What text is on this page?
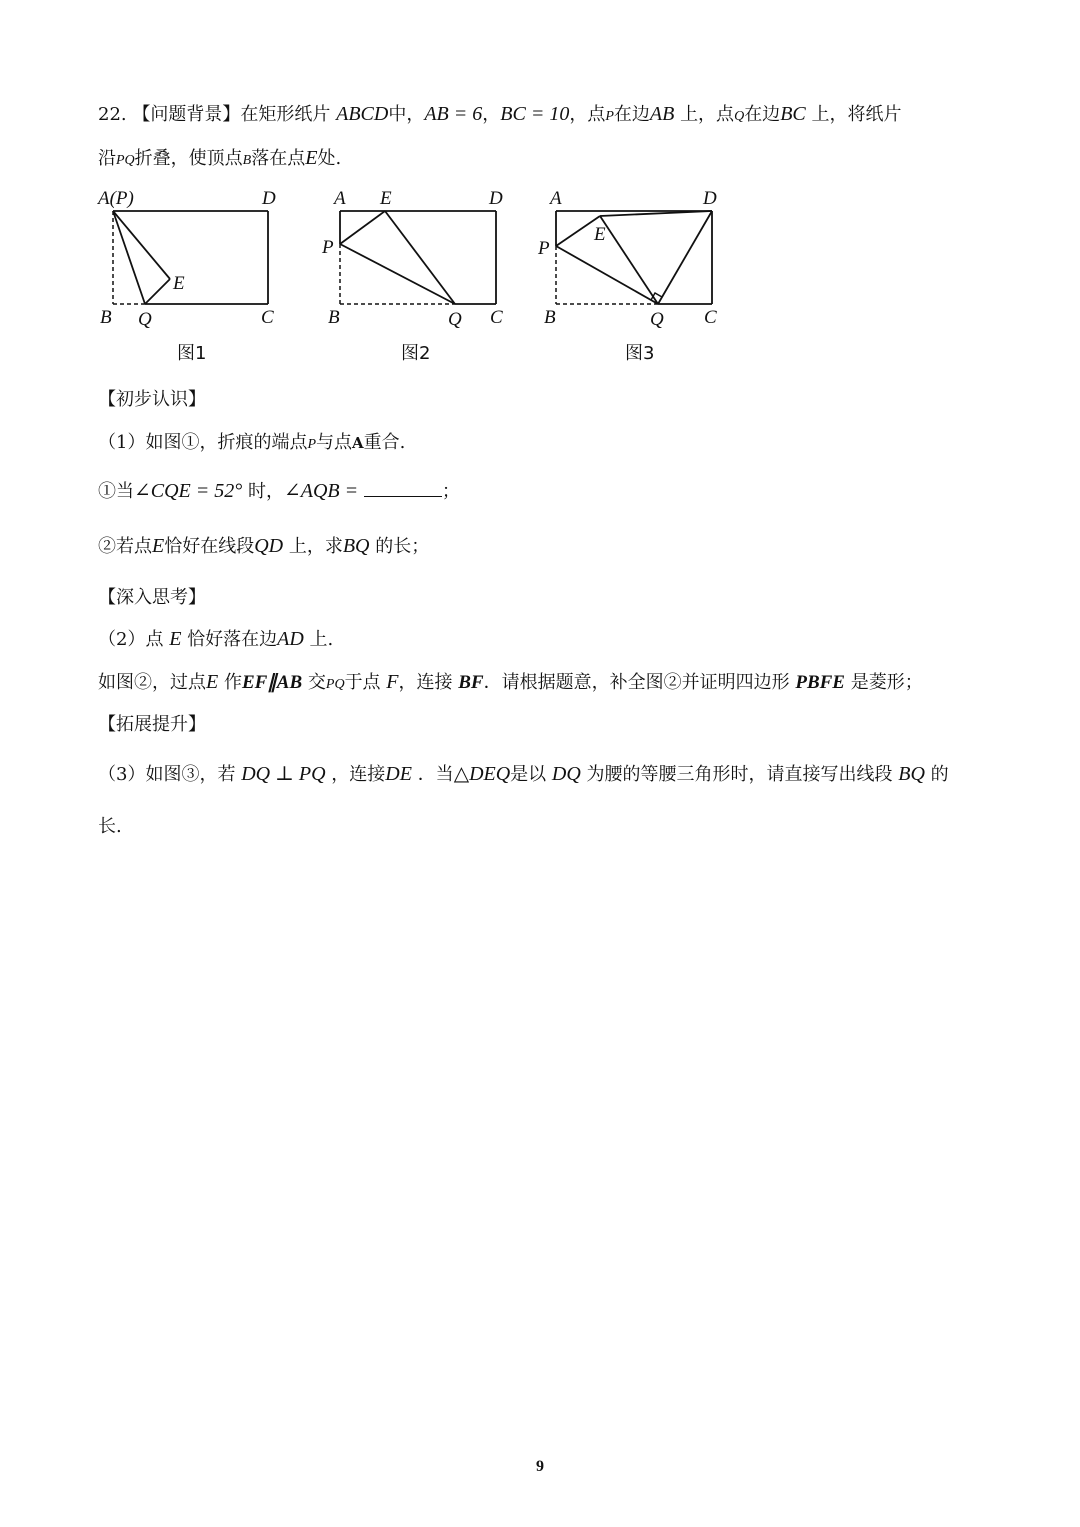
22. 【问题背景】在矩形纸片 ABCD中，AB = 6，BC = 10，点P在边AB 上，点Q在边BC 上，将纸片
沿PQ折叠，使顶点B落在点E处.
A(P)	D
B Q	C
E
图1
A E	D
P
B	Q C
图2
A	D
E
P
B	Q C
图3
【初步认识】
（1）如图①，折痕的端点P与点A重合.
①当∠CQE = 52° 时，∠AQB =	；
②若点E恰好在线段QD 上，求BQ 的长；
【深入思考】
（2）点 E 恰好落在边AD 上.
如图②，过点E 作EF∥AB 交PQ于点 F，连接 BF．请根据题意，补全图②并证明四边形 PBFE 是菱形；
【拓展提升】
（3）如图③，若 DQ ⊥ PQ ，连接DE ．当△DEQ是以 DQ 为腰的等腰三角形时，请直接写出线段 BQ 的
长.
9
